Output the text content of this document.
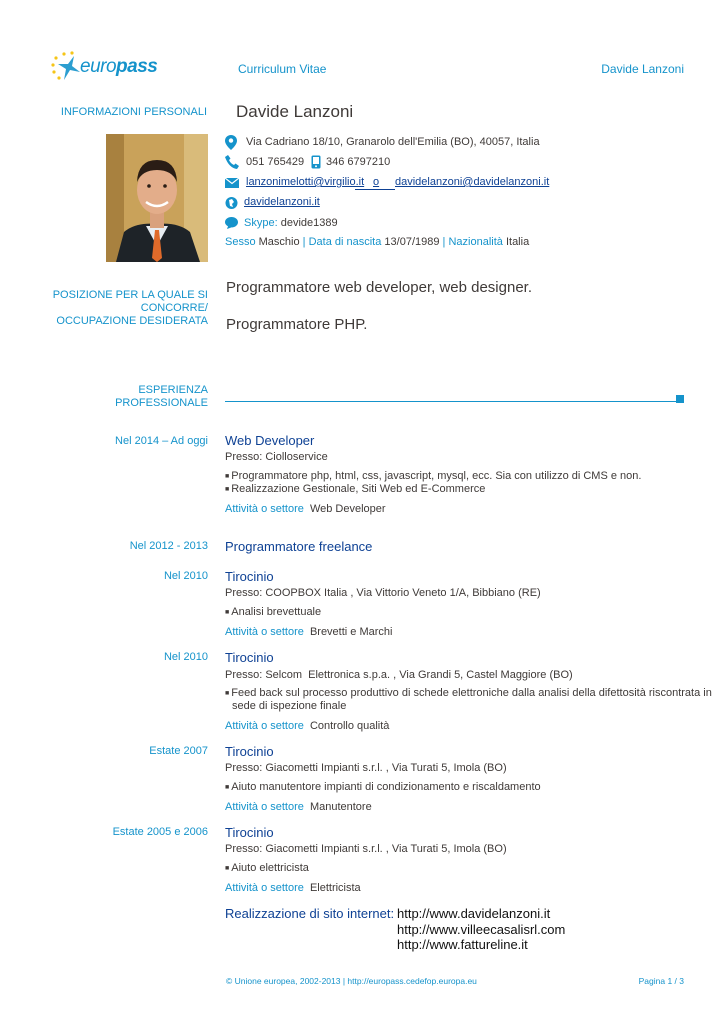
europass	Curriculum Vitae	Davide Lanzoni
INFORMAZIONI PERSONALI Davide Lanzoni
Via Cadriano 18/10, Granarolo dell'Emilia (BO), 40057, Italia
051 765429 346 6797210
lanzonimelotti@virgilio.it o davidelanzoni@davidelanzoni.it
davidelanzoni.it
Skype: devide1389
Sesso Maschio | Data di nascita 13/07/1989 | Nazionalità Italia
POSIZIONE PER LA QUALE SI
CONCORRE/
OCCUPAZIONE DESIDERATA
Programmatore web developer, web designer.
Programmatore PHP.
ESPERIENZA
PROFESSIONALE
Nel 2014 – Ad oggi Web Developer
Presso: Ciolloservice
■ Programmatore php, html, css, javascript, mysql, ecc. Sia con utilizzo di CMS e non.
■ Realizzazione Gestionale, Siti Web ed E-Commerce
Attività o settore Web Developer
Nel 2012 - 2013 Programmatore freelance
Nel 2010 Tirocinio
Presso: COOPBOX Italia , Via Vittorio Veneto 1/A, Bibbiano (RE)
■ Analisi brevettuale
Attività o settore Brevetti e Marchi
Nel 2010 Tirocinio
Presso: Selcom  Elettronica s.p.a. , Via Grandi 5, Castel Maggiore (BO)
■ Feed back sul processo produttivo di schede elettroniche dalla analisi della difettosità riscontrata in
sede di ispezione finale
Attività o settore Controllo qualità
Estate 2007 Tirocinio
Presso: Giacometti Impianti s.r.l. , Via Turati 5, Imola (BO)
■ Aiuto manutentore impianti di condizionamento e riscaldamento
Attività o settore Manutentore
Estate 2005 e 2006 Tirocinio
Presso: Giacometti Impianti s.r.l. , Via Turati 5, Imola (BO)
■ Aiuto elettricista
Attività o settore Elettricista
Realizzazione di sito internet: http://www.davidelanzoni.it
http://www.villeecasalisrl.com
http://www.fattureline.it
© Unione europea, 2002-2013 | http://europass.cedefop.europa.eu	Pagina 1 / 3
